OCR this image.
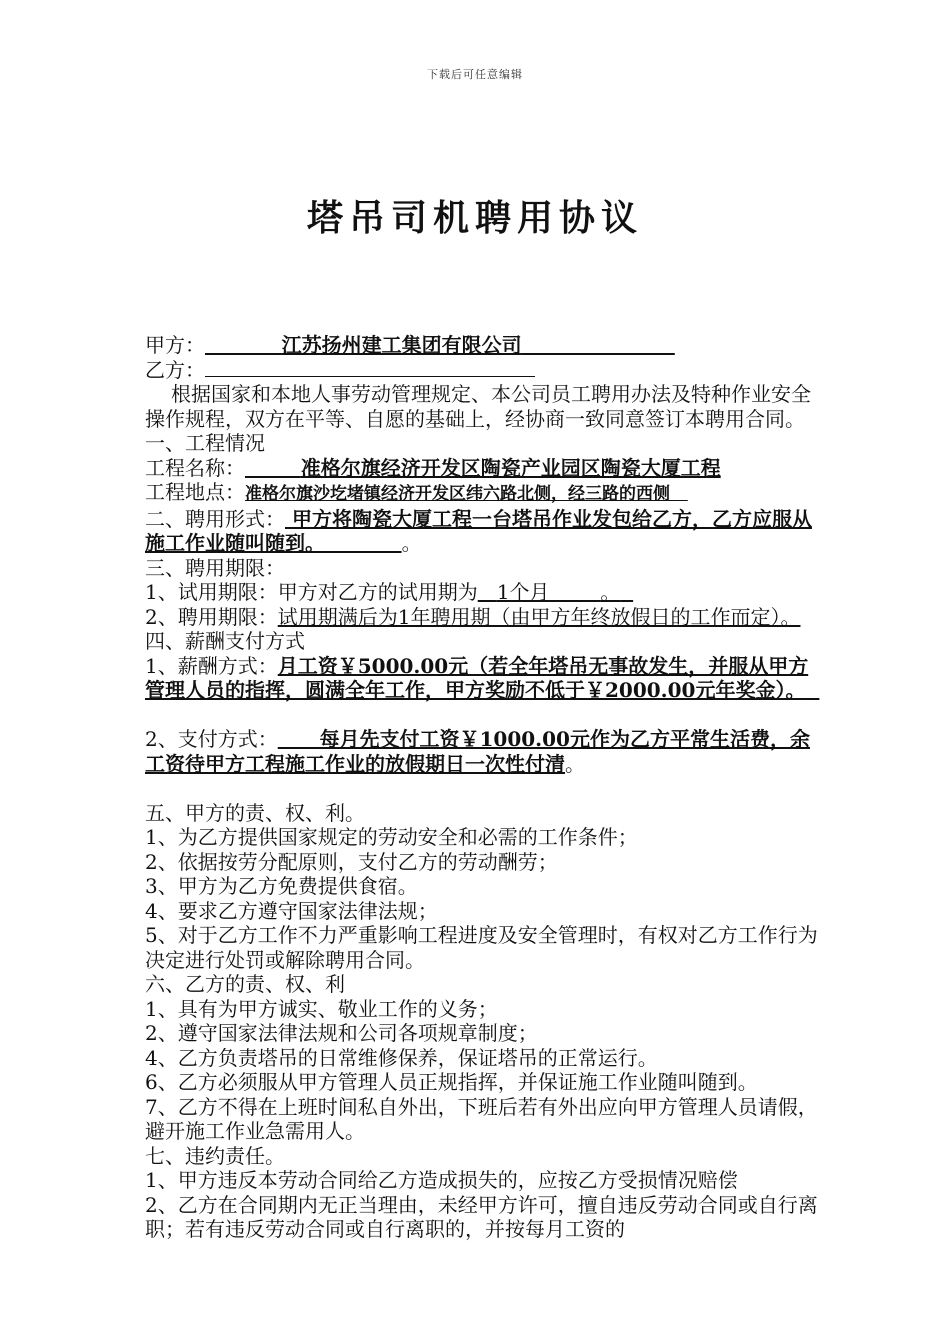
下载后可任意编辑
塔吊司机聘用协议
甲方：	江苏扬州建工集团有限公司
乙方：
根据国家和本地人事劳动管理规定、本公司员工聘用办法及特种作业安全操作规程，双方在平等、自愿的基础上，经协商一致同意签订本聘用合同。
一、工程情况
工程名称：	准格尔旗经济开发区陶瓷产业园区陶瓷大厦工程
工程地点：准格尔旗沙圪堵镇经济开发区纬六路北侧，经三路的西侧
二、聘用形式： 甲方将陶瓷大厦工程一台塔吊作业发包给乙方，乙方应服从施工作业随叫随到。	。
三、聘用期限：
1、试用期限：甲方对乙方的试用期为 1个月	。
2、聘用期限：试用期满后为1年聘用期（由甲方年终放假日的工作而定）。
四、薪酬支付方式
1、薪酬方式：月工资￥5000.00元（若全年塔吊无事故发生，并服从甲方管理人员的指挥，圆满全年工作，甲方奖励不低于￥2000.00元年奖金）。
2、支付方式： 每月先支付工资￥1000.00元作为乙方平常生活费，余工资待甲方工程施工作业的放假期日一次性付清。
五、甲方的责、权、利。
1、为乙方提供国家规定的劳动安全和必需的工作条件；
2、依据按劳分配原则，支付乙方的劳动酬劳；
3、甲方为乙方免费提供食宿。
4、要求乙方遵守国家法律法规；
5、对于乙方工作不力严重影响工程进度及安全管理时，有权对乙方工作行为决定进行处罚或解除聘用合同。
六、乙方的责、权、利
1、具有为甲方诚实、敬业工作的义务；
2、遵守国家法律法规和公司各项规章制度；
4、乙方负责塔吊的日常维修保养，保证塔吊的正常运行。
6、乙方必须服从甲方管理人员正规指挥，并保证施工作业随叫随到。
7、乙方不得在上班时间私自外出，下班后若有外出应向甲方管理人员请假，避开施工作业急需用人。
七、违约责任。
1、甲方违反本劳动合同给乙方造成损失的，应按乙方受损情况赔偿
2、乙方在合同期内无正当理由，未经甲方许可，擅自违反劳动合同或自行离职；若有违反劳动合同或自行离职的，并按每月工资的
